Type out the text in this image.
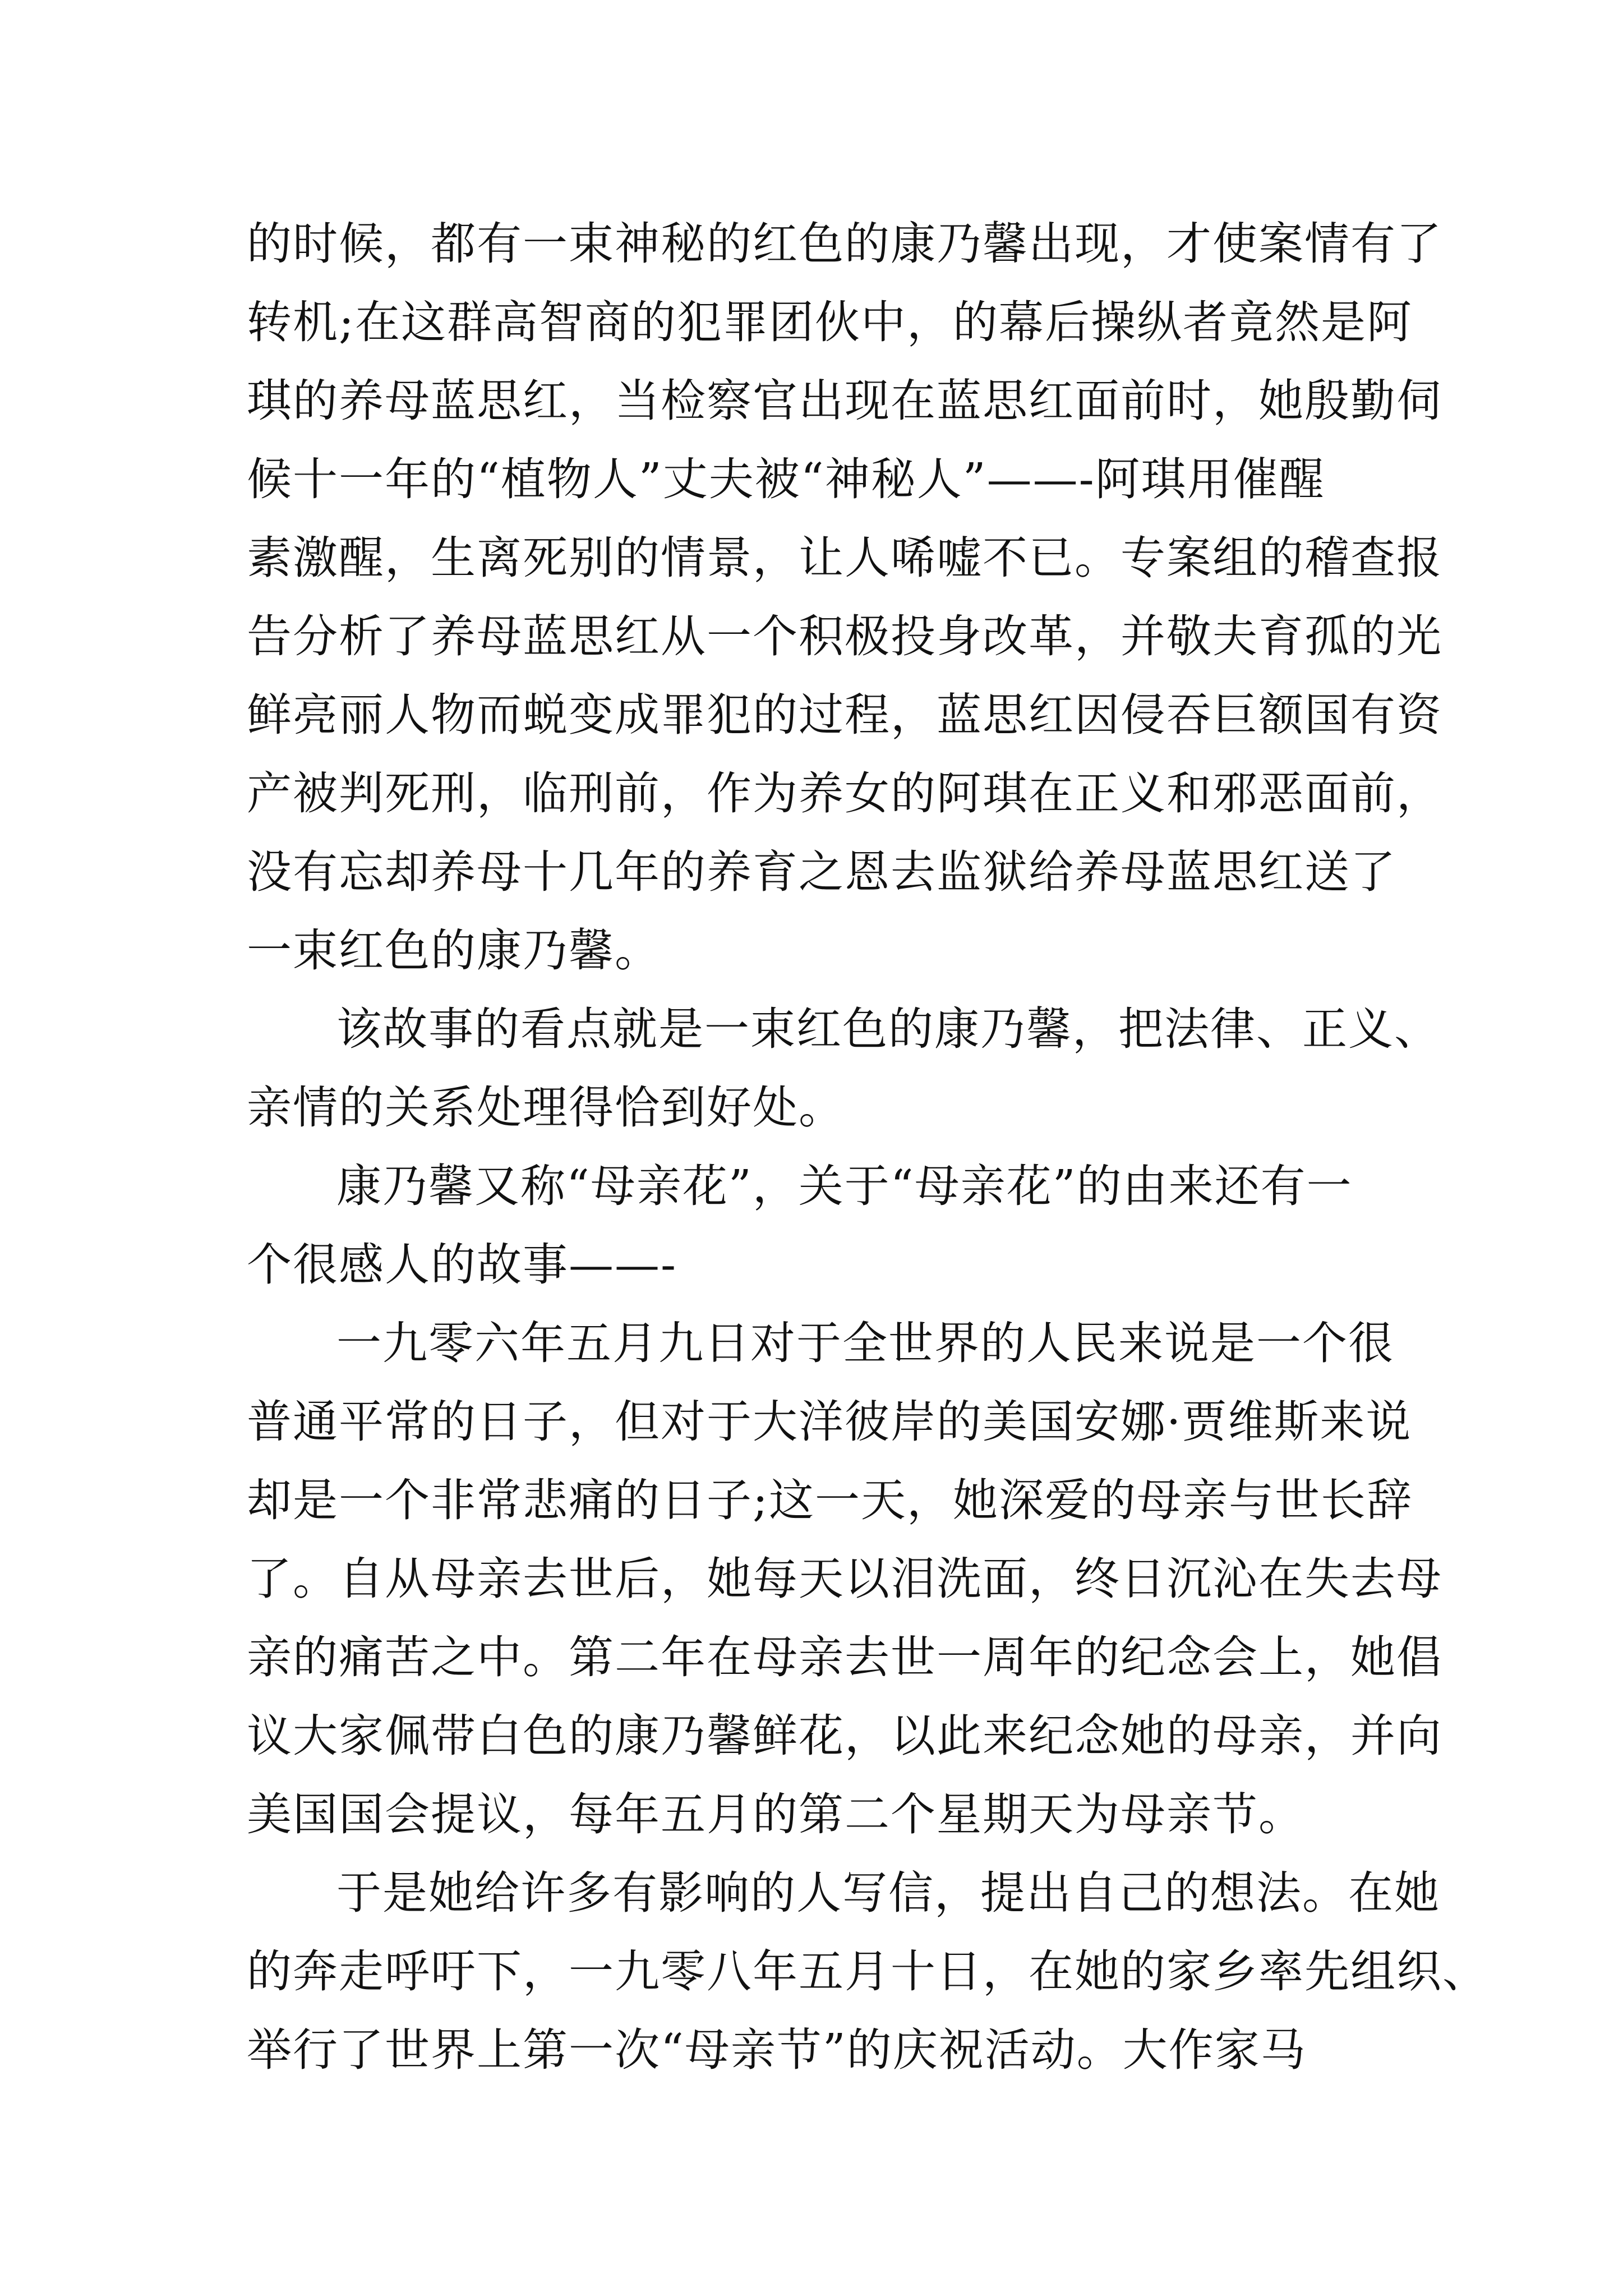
的时候，都有一束神秘的红色的康乃馨出现，才使案情有了
转机;在这群高智商的犯罪团伙中，的幕后操纵者竟然是阿
琪的养母蓝思红，当检察官出现在蓝思红面前时，她殷勤伺
候十一年的“植物人”丈夫被“神秘人”——-阿琪用催醒
素激醒，生离死别的情景，让人唏嘘不已。专案组的稽查报
告分析了养母蓝思红从一个积极投身改革，并敬夫育孤的光
鲜亮丽人物而蜕变成罪犯的过程，蓝思红因侵吞巨额国有资
产被判死刑，临刑前，作为养女的阿琪在正义和邪恶面前，
没有忘却养母十几年的养育之恩去监狱给养母蓝思红送了
一束红色的康乃馨。
该故事的看点就是一束红色的康乃馨，把法律、正义、
亲情的关系处理得恰到好处。
康乃馨又称“母亲花”，关于“母亲花”的由来还有一
个很感人的故事——-
一九零六年五月九日对于全世界的人民来说是一个很
普通平常的日子，但对于大洋彼岸的美国安娜·贾维斯来说
却是一个非常悲痛的日子;这一天，她深爱的母亲与世长辞
了。自从母亲去世后，她每天以泪洗面，终日沉沁在失去母
亲的痛苦之中。第二年在母亲去世一周年的纪念会上，她倡
议大家佩带白色的康乃馨鲜花，以此来纪念她的母亲，并向
美国国会提议，每年五月的第二个星期天为母亲节。
于是她给许多有影响的人写信，提出自己的想法。在她
的奔走呼吁下，一九零八年五月十日，在她的家乡率先组织、
举行了世界上第一次“母亲节”的庆祝活动。大作家马
